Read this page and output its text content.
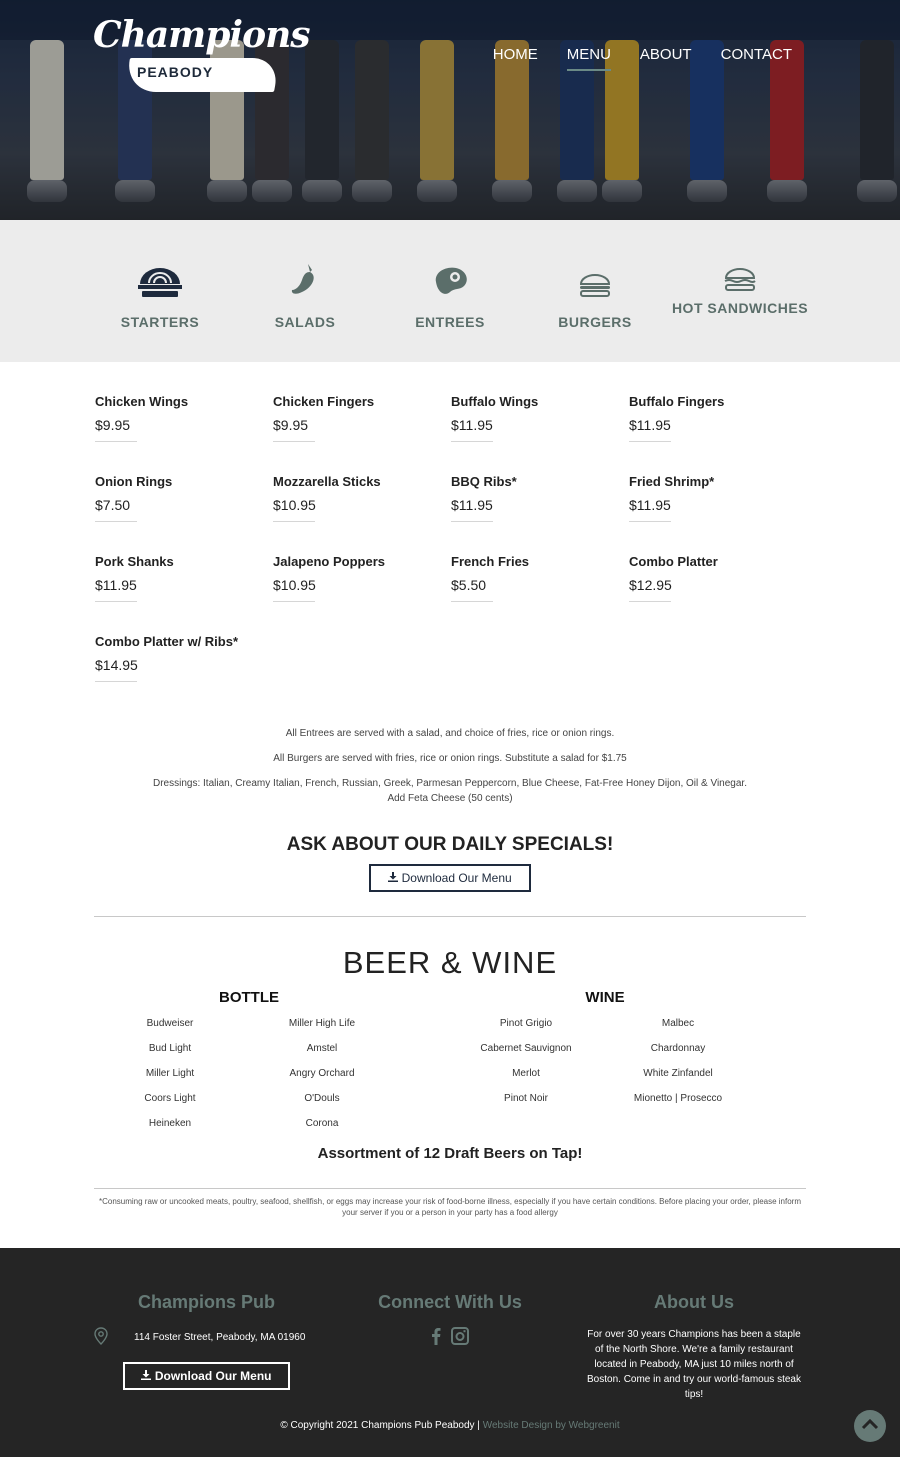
Champions
PEABODY
HOME MENU ABOUT CONTACT
STARTERS	SALADS	ENTREES	BURGERS
HOT SANDWICHES
Chicken Wings
$9.95
Chicken Fingers
$9.95
Buffalo Wings
$11.95
Buffalo Fingers
$11.95
Onion Rings
$7.50
Mozzarella Sticks
$10.95
BBQ Ribs*
$11.95
Fried Shrimp*
$11.95
Pork Shanks
$11.95
Jalapeno Poppers
$10.95
French Fries
$5.50
Combo Platter
$12.95
Combo Platter w/ Ribs*
$14.95

All Entrees are served with a salad, and choice of fries, rice or onion rings.

All Burgers are served with fries, rice or onion rings. Substitute a salad for $1.75

Dressings: Italian, Creamy Italian, French, Russian, Greek, Parmesan Peppercorn, Blue Cheese, Fat-Free Honey Dijon, Oil & Vinegar.
Add Feta Cheese (50 cents)

ASK ABOUT OUR DAILY SPECIALS!
Download Our Menu
BEER & WINE
BOTTLE
Budweiser
Bud Light
Miller Light
Coors Light
Heineken
Miller High Life
Amstel
Angry Orchard
O'Douls
Corona
WINE
Pinot Grigio
Cabernet Sauvignon
Merlot
Pinot Noir
Malbec
Chardonnay
White Zinfandel
Mionetto | Prosecco

Assortment of 12 Draft Beers on Tap!

*Consuming raw or uncooked meats, poultry, seafood, shellfish, or eggs may increase your risk of food-borne illness, especially if you have certain conditions. Before placing your order, please inform your server if you or a person in your party has a food allergy

Champions Pub
114 Foster Street, Peabody, MA 01960
Download Our Menu
Connect With Us	About Us

For over 30 years Champions has been a staple of the North Shore. We're a family restaurant located in Peabody, MA just 10 miles north of Boston. Come in and try our world-famous steak tips!

© Copyright 2021 Champions Pub Peabody | Website Design by Webgreenit
